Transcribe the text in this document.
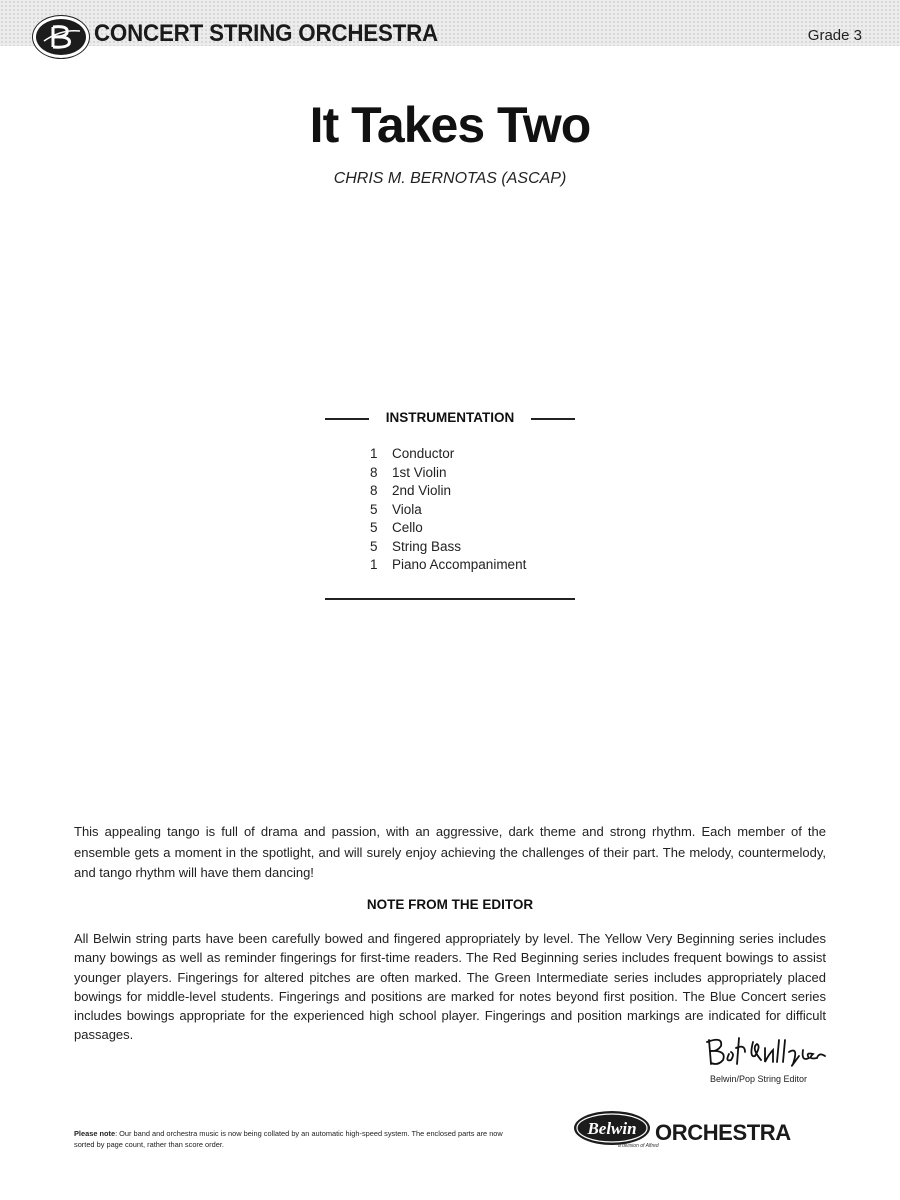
CONCERT STRING ORCHESTRA	Grade 3
It Takes Two
CHRIS M. BERNOTAS (ASCAP)
INSTRUMENTATION
1 Conductor
8 1st Violin
8 2nd Violin
5 Viola
5 Cello
5 String Bass
1 Piano Accompaniment

This appealing tango is full of drama and passion, with an aggressive, dark theme and strong rhythm. Each member of the ensemble gets a moment in the spotlight, and will surely enjoy achieving the challenges of their part. The melody, countermelody, and tango rhythm will have them dancing!

NOTE FROM THE EDITOR

All Belwin string parts have been carefully bowed and fingered appropriately by level. The Yellow Very Beginning series includes many bowings as well as reminder fingerings for first-time readers. The Red Beginning series includes frequent bowings to assist younger players. Fingerings for altered pitches are often marked. The Green Intermediate series includes appropriately placed bowings for middle-level students. Fingerings and positions are marked for notes beyond first position. The Blue Concert series includes bowings appropriate for the experienced high school player. Fingerings and position markings are indicated for difficult passages.

Belwin/Pop String Editor
Please note: Our band and orchestra music is now being collated by an automatic high-speed system. The enclosed parts are now sorted by page count, rather than score order.
Belwin ORCHESTRA
a division of Alfred
